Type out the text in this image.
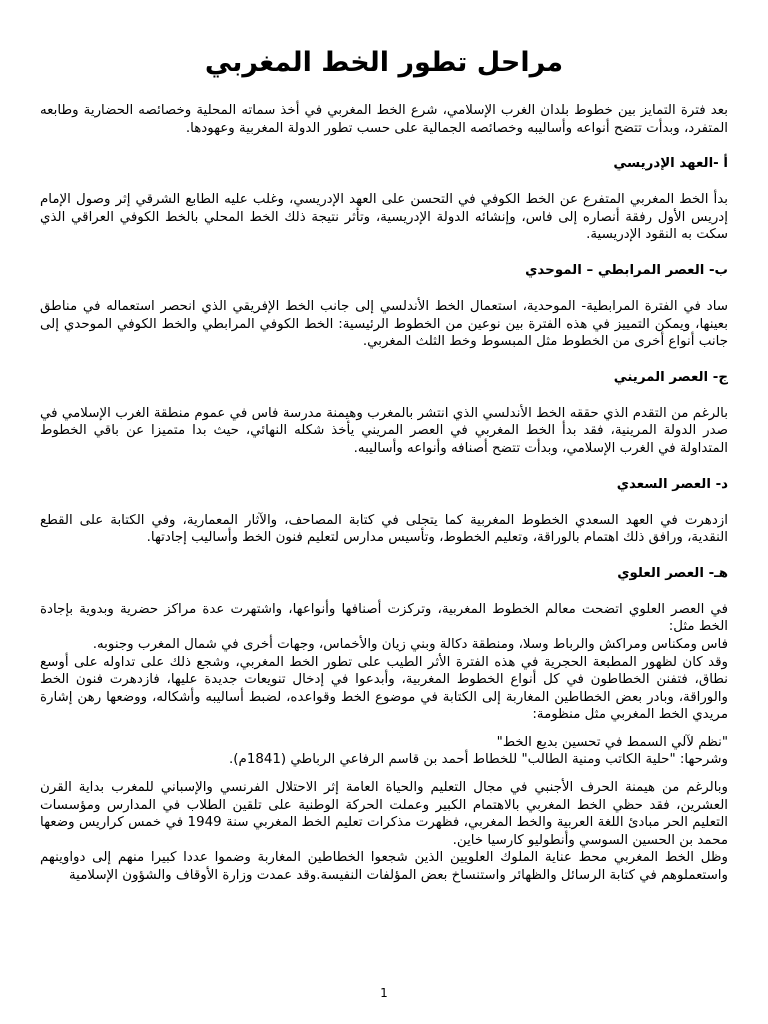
مراحل تطور الخط المغربي

بعد فترة التمايز بين خطوط بلدان الغرب الإسلامي، شرع الخط المغربي في أخذ سماته المحلية وخصائصه الحضارية وطابعه المتفرد، وبدأت تتضح أنواعه وأساليبه وخصائصه الجمالية على حسب تطور الدولة المغربية وعهودها.

أ -العهد الإدريسي

بدأ الخط المغربي المتفرع عن الخط الكوفي في التحسن على العهد الإدريسي، وغلب عليه الطابع الشرقي إثر وصول الإمام إدريس الأول رفقة أنصاره إلى فاس، وإنشائه الدولة الإدريسية، وتأثر نتيجة ذلك الخط المحلي بالخط الكوفي العراقي الذي سكت به النقود الإدريسية.

ب- العصر المرابطي – الموحدي

ساد في الفترة المرابطية- الموحدية، استعمال الخط الأندلسي إلى جانب الخط الإفريقي الذي انحصر استعماله في مناطق بعينها، ويمكن التمييز في هذه الفترة بين نوعين من الخطوط الرئيسية: الخط الكوفي المرابطي والخط الكوفي الموحدي إلى جانب أنواع أخرى من الخطوط مثل المبسوط وخط الثلث المغربي.

ج- العصر المريني

بالرغم من التقدم الذي حققه الخط الأندلسي الذي انتشر بالمغرب وهيمنة مدرسة فاس في عموم منطقة الغرب الإسلامي في صدر الدولة المرينية، فقد بدأ الخط المغربي في العصر المريني يأخذ شكله النهائي، حيث بدا متميزا عن باقي الخطوط المتداولة في الغرب الإسلامي، وبدأت تتضح أصنافه وأنواعه وأساليبه.

د- العصر السعدي

ازدهرت في العهد السعدي الخطوط المغربية كما يتجلى في كتابة المصاحف، والآثار المعمارية، وفي الكتابة على القطع النقدية، ورافق ذلك اهتمام بالوراقة، وتعليم الخطوط، وتأسيس مدارس لتعليم فنون الخط وأساليب إجادتها.

هـ- العصر العلوي

في العصر العلوي اتضحت معالم الخطوط المغربية، وتركزت أصنافها وأنواعها، واشتهرت عدة مراكز حضرية وبدوية بإجادة الخط مثل:

فاس ومكناس ومراكش والرباط وسلا، ومنطقة دكالة وبني زيان والأخماس، وجهات أخرى في شمال المغرب وجنوبه.

وقد كان لظهور المطبعة الحجرية في هذه الفترة الأثر الطيب على تطور الخط المغربي، وشجع ذلك على تداوله على أوسع نطاق، فتفنن الخطاطون في كل أنواع الخطوط المغربية، وأبدعوا في إدخال تنويعات جديدة عليها، فازدهرت فنون الخط والوراقة، وبادر بعض الخطاطين المغاربة إلى الكتابة في موضوع الخط وقواعده، لضبط أساليبه وأشكاله، ووضعها رهن إشارة مريدي الخط المغربي مثل منظومة:

"نظم لآلي السمط في تحسين بديع الخط"

وشرحها: "حلية الكاتب ومنية الطالب" للخطاط أحمد بن قاسم الرفاعي الرباطي (1841م).

وبالرغم من هيمنة الحرف الأجنبي في مجال التعليم والحياة العامة إثر الاحتلال الفرنسي والإسباني للمغرب بداية القرن العشرين، فقد حظي الخط المغربي بالاهتمام الكبير وعملت الحركة الوطنية على تلقين الطلاب في المدارس ومؤسسات التعليم الحر مبادئ اللغة العربية والخط المغربي، فظهرت مذكرات تعليم الخط المغربي سنة 1949 في خمس كراريس وضعها محمد بن الحسين السوسي وأنطوليو كارسيا خاين.

وظل الخط المغربي محط عناية الملوك العلويين الذين شجعوا الخطاطين المغاربة وضموا عددا كبيرا منهم إلى دواوينهم واستعملوهم في كتابة الرسائل والظهائر واستنساخ بعض المؤلفات النفيسة.وقد عمدت وزارة الأوقاف والشؤون الإسلامية

1
